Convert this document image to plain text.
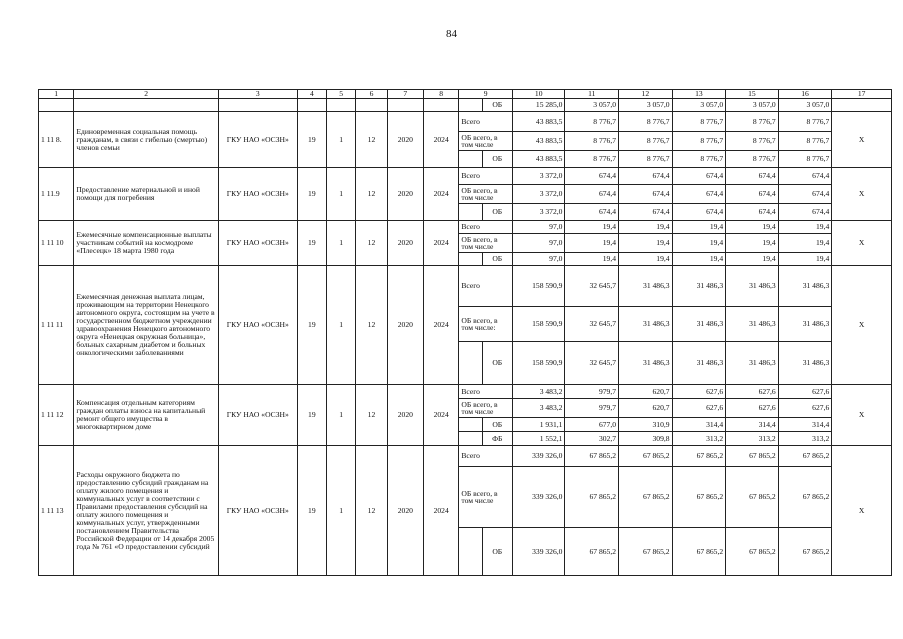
84
1	2	3	4	5	6	7	8	9		10	11	12	13	15	16	17
									ОБ	15 285,0	3 057,0	3 057,0	3 057,0	3 057,0	3 057,0	
1 11 8.	Единовременная социальная помощь гражданам, в связи с гибелью (смертью) членов семьи	ГКУ НАО «ОСЗН»	19	1	12	2020	2024	Всего		43 883,5	8 776,7	8 776,7	8 776,7	8 776,7	8 776,7	X
								ОБ всего, в том числе		43 883,5	8 776,7	8 776,7	8 776,7	8 776,7	8 776,7	
									ОБ	43 883,5	8 776,7	8 776,7	8 776,7	8 776,7	8 776,7	
1 11.9	Предоставление материальной и иной помощи для погребения	ГКУ НАО «ОСЗН»	19	1	12	2020	2024	Всего		3 372,0	674,4	674,4	674,4	674,4	674,4	X
								ОБ всего, в том числе		3 372,0	674,4	674,4	674,4	674,4	674,4	
									ОБ	3 372,0	674,4	674,4	674,4	674,4	674,4	
1 11 10	Ежемесячные компенсационные выплаты участникам событий на космодроме «Плесецк» 18 марта 1980 года	ГКУ НАО «ОСЗН»	19	1	12	2020	2024	Всего		97,0	19,4	19,4	19,4	19,4	19,4	X
								ОБ всего, в том числе		97,0	19,4	19,4	19,4	19,4	19,4	
									ОБ	97,0	19,4	19,4	19,4	19,4	19,4	
1 11 11	Ежемесячная денежная выплата лицам, проживающим на территории Ненецкого автономного округа, состоящим на учете в государственном бюджетном учреждении здравоохранения Ненецкого автономного округа «Ненецкая окружная больница», больных сахарным диабетом и больных онкологическими заболеваниями	ГКУ НАО «ОСЗН»	19	1	12	2020	2024	Всего		158 590,9	32 645,7	31 486,3	31 486,3	31 486,3	31 486,3	X
								ОБ всего, в том числе:		158 590,9	32 645,7	31 486,3	31 486,3	31 486,3	31 486,3	
									ОБ	158 590,9	32 645,7	31 486,3	31 486,3	31 486,3	31 486,3	
1 11 12	Компенсация отдельным категориям граждан оплаты взноса на капитальный ремонт общего имущества в многоквартирном доме	ГКУ НАО «ОСЗН»	19	1	12	2020	2024	Всего		3 483,2	979,7	620,7	627,6	627,6	627,6	X
								ОБ всего, в том числе		3 483,2	979,7	620,7	627,6	627,6	627,6	
									ОБ	1 931,1	677,0	310,9	314,4	314,4	314,4	
									ФБ	1 552,1	302,7	309,8	313,2	313,2	313,2	
1 11 13	Расходы окружного бюджета по предоставлению субсидий гражданам на оплату жилого помещения и коммунальных услуг в соответствии с Правилами предоставления субсидий на оплату жилого помещения и коммунальных услуг, утвержденными постановлением Правительства Российской Федерации от 14 декабря 2005 года № 761 «О предоставлении субсидий	ГКУ НАО «ОСЗН»	19	1	12	2020	2024	Всего		339 326,0	67 865,2	67 865,2	67 865,2	67 865,2	67 865,2	X
								ОБ всего, в том числе		339 326,0	67 865,2	67 865,2	67 865,2	67 865,2	67 865,2	
									ОБ	339 326,0	67 865,2	67 865,2	67 865,2	67 865,2	67 865,2	
